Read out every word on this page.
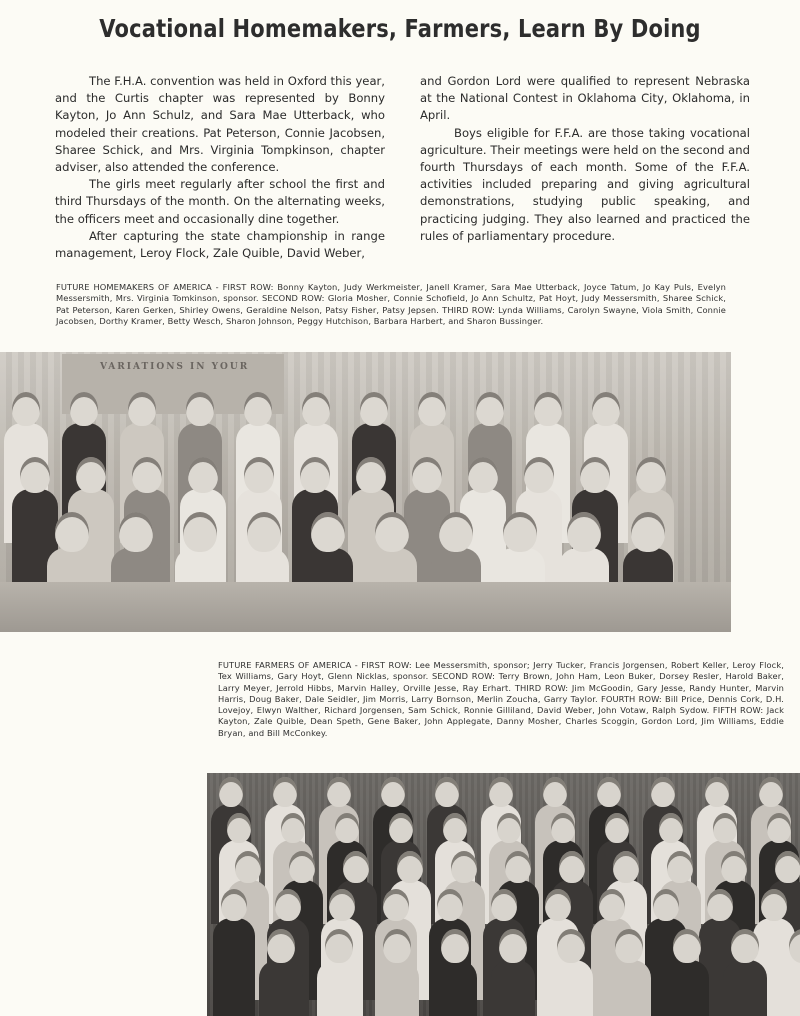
Vocational Homemakers, Farmers, Learn By Doing

The F.H.A. convention was held in Oxford this year, and the Curtis chapter was represented by Bonny Kayton, Jo Ann Schulz, and Sara Mae Utterback, who modeled their creations. Pat Peterson, Connie Jacobsen, Sharee Schick, and Mrs. Virginia Tompkinson, chapter adviser, also attended the conference.

The girls meet regularly after school the first and third Thursdays of the month. On the alternating weeks, the officers meet and occasionally dine together.

After capturing the state championship in range management, Leroy Flock, Zale Quible, David Weber,

and Gordon Lord were qualified to represent Nebraska at the National Contest in Oklahoma City, Oklahoma, in April.

Boys eligible for F.F.A. are those taking vocational agriculture. Their meetings were held on the second and fourth Thursdays of each month. Some of the F.F.A. activities included preparing and giving agricultural demonstrations, studying public speaking, and practicing judging. They also learned and practiced the rules of parliamentary procedure.

FUTURE HOMEMAKERS OF AMERICA - FIRST ROW: Bonny Kayton, Judy Werkmeister, Janell Kramer, Sara Mae Utterback, Joyce Tatum, Jo Kay Puls, Evelyn Messersmith, Mrs. Virginia Tomkinson, sponsor. SECOND ROW: Gloria Mosher, Connie Schofield, Jo Ann Schultz, Pat Hoyt, Judy Messersmith, Sharee Schick, Pat Peterson, Karen Gerken, Shirley Owens, Geraldine Nelson, Patsy Fisher, Patsy Jepsen. THIRD ROW: Lynda Williams, Carolyn Swayne, Viola Smith, Connie Jacobsen, Dorthy Kramer, Betty Wesch, Sharon Johnson, Peggy Hutchison, Barbara Harbert, and Sharon Bussinger.
VARIATIONS IN YOUR
FUTURE FARMERS OF AMERICA - FIRST ROW: Lee Messersmith, sponsor; Jerry Tucker, Francis Jorgensen, Robert Keller, Leroy Flock, Tex Williams, Gary Hoyt, Glenn Nicklas, sponsor. SECOND ROW: Terry Brown, John Ham, Leon Buker, Dorsey Resler, Harold Baker, Larry Meyer, Jerrold Hibbs, Marvin Halley, Orville Jesse, Ray Erhart. THIRD ROW: Jim McGoodin, Gary Jesse, Randy Hunter, Marvin Harris, Doug Baker, Dale Seidler, Jim Morris, Larry Bornson, Merlin Zoucha, Garry Taylor. FOURTH ROW: Bill Price, Dennis Cork, D.H. Lovejoy, Elwyn Walther, Richard Jorgensen, Sam Schick, Ronnie Gilliland, David Weber, John Votaw, Ralph Sydow. FIFTH ROW: Jack Kayton, Zale Quible, Dean Speth, Gene Baker, John Applegate, Danny Mosher, Charles Scoggin, Gordon Lord, Jim Williams, Eddie Bryan, and Bill McConkey.
